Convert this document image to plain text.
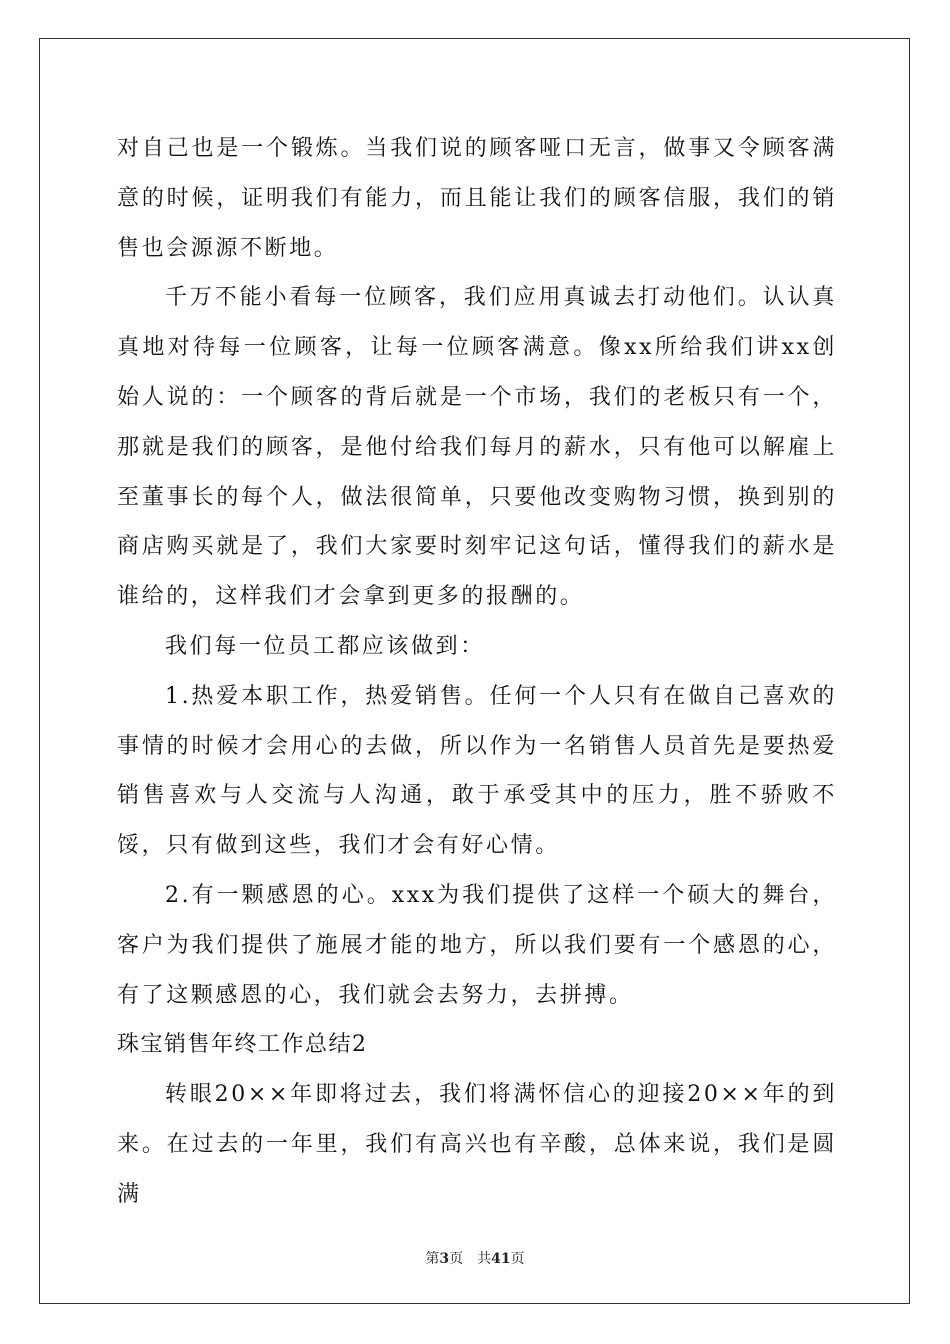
对自己也是一个锻炼。当我们说的顾客哑口无言，做事又令顾客满意的时候，证明我们有能力，而且能让我们的顾客信服，我们的销售也会源源不断地。

千万不能小看每一位顾客，我们应用真诚去打动他们。认认真真地对待每一位顾客，让每一位顾客满意。像xx所给我们讲xx创始人说的：一个顾客的背后就是一个市场，我们的老板只有一个，那就是我们的顾客，是他付给我们每月的薪水，只有他可以解雇上至董事长的每个人，做法很简单，只要他改变购物习惯，换到别的商店购买就是了，我们大家要时刻牢记这句话，懂得我们的薪水是谁给的，这样我们才会拿到更多的报酬的。

我们每一位员工都应该做到：

1.热爱本职工作，热爱销售。任何一个人只有在做自己喜欢的事情的时候才会用心的去做，所以作为一名销售人员首先是要热爱销售喜欢与人交流与人沟通，敢于承受其中的压力，胜不骄败不馁，只有做到这些，我们才会有好心情。

2.有一颗感恩的心。xxx为我们提供了这样一个硕大的舞台，客户为我们提供了施展才能的地方，所以我们要有一个感恩的心，有了这颗感恩的心，我们就会去努力，去拼搏。

珠宝销售年终工作总结2

转眼20××年即将过去，我们将满怀信心的迎接20××年的到来。在过去的一年里，我们有高兴也有辛酸，总体来说，我们是圆满

第3页　共41页
